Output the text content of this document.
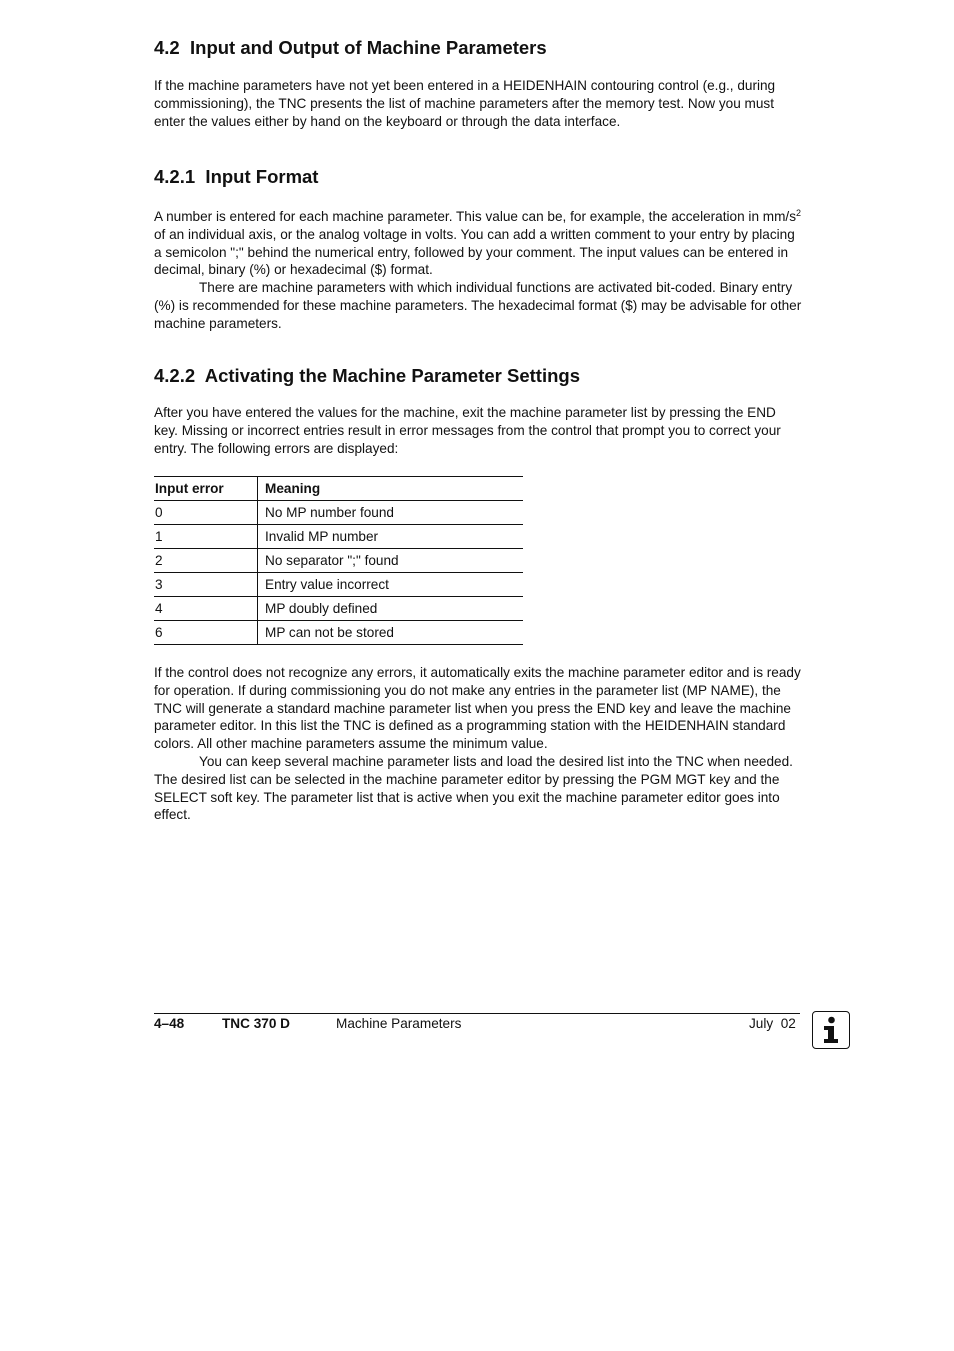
4.2  Input and Output of Machine Parameters

If the machine parameters have not yet been entered in a HEIDENHAIN contouring control (e.g., during commissioning), the TNC presents the list of machine parameters after the memory test. Now you must enter the values either by hand on the keyboard or through the data interface.

4.2.1  Input Format

A number is entered for each machine parameter. This value can be, for example, the acceleration in $mm/s^2$ of an individual axis, or the analog voltage in volts. You can add a written comment to your entry by placing a semicolon ";" behind the numerical entry, followed by your comment. The input values can be entered in decimal, binary (%) or hexadecimal ($) format.
There are machine parameters with which individual functions are activated bit-coded. Binary entry (%) is recommended for these machine parameters. The hexadecimal format ($) may be advisable for other machine parameters.

4.2.2  Activating the Machine Parameter Settings

After you have entered the values for the machine, exit the machine parameter list by pressing the END key. Missing or incorrect entries result in error messages from the control that prompt you to correct your entry. The following errors are displayed:

Input error	Meaning
0	No MP number found
1	Invalid MP number
2	No separator ";" found
3	Entry value incorrect
4	MP doubly defined
6	MP can not be stored

If the control does not recognize any errors, it automatically exits the machine parameter editor and is ready for operation. If during commissioning you do not make any entries in the parameter list (MP NAME), the TNC will generate a standard machine parameter list when you press the END key and leave the machine parameter editor. In this list the TNC is defined as a programming station with the HEIDENHAIN standard colors. All other machine parameters assume the minimum value.
You can keep several machine parameter lists and load the desired list into the TNC when needed. The desired list can be selected in the machine parameter editor by pressing the PGM MGT key and the SELECT soft key. The parameter list that is active when you exit the machine parameter editor goes into effect.

4–48	TNC 370 D	Machine Parameters	July  02
